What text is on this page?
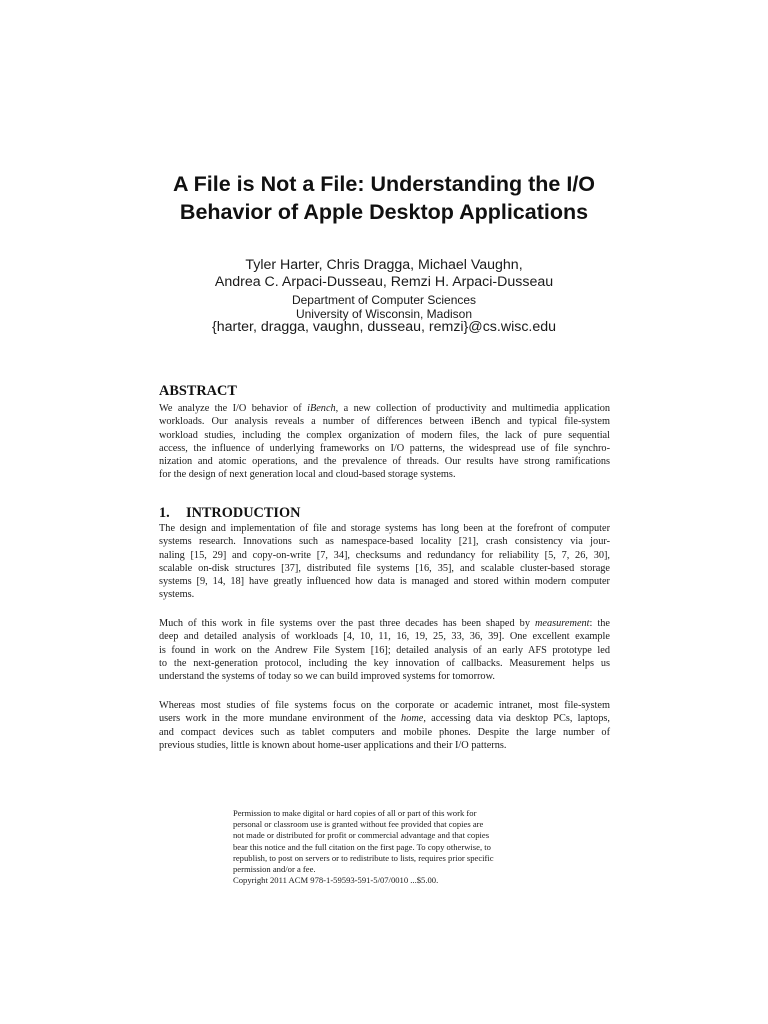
A File is Not a File: Understanding the I/O
Behavior of Apple Desktop Applications
Tyler Harter, Chris Dragga, Michael Vaughn,
Andrea C. Arpaci-Dusseau, Remzi H. Arpaci-Dusseau
Department of Computer Sciences
University of Wisconsin, Madison
{harter, dragga, vaughn, dusseau, remzi}@cs.wisc.edu
ABSTRACT
We analyze the I/O behavior of iBench, a new collection of productivity and multimedia application
workloads. Our analysis reveals a number of differences between iBench and typical file-system
workload studies, including the complex organization of modern files, the lack of pure sequential
access, the influence of underlying frameworks on I/O patterns, the widespread use of file synchro-
nization and atomic operations, and the prevalence of threads. Our results have strong ramifications
for the design of next generation local and cloud-based storage systems.
1. INTRODUCTION
The design and implementation of file and storage systems has long been at the forefront of computer
systems research. Innovations such as namespace-based locality [21], crash consistency via jour-
naling [15, 29] and copy-on-write [7, 34], checksums and redundancy for reliability [5, 7, 26, 30],
scalable on-disk structures [37], distributed file systems [16, 35], and scalable cluster-based storage
systems [9, 14, 18] have greatly influenced how data is managed and stored within modern computer
systems.
Much of this work in file systems over the past three decades has been shaped by measurement: the
deep and detailed analysis of workloads [4, 10, 11, 16, 19, 25, 33, 36, 39]. One excellent example
is found in work on the Andrew File System [16]; detailed analysis of an early AFS prototype led
to the next-generation protocol, including the key innovation of callbacks. Measurement helps us
understand the systems of today so we can build improved systems for tomorrow.
Whereas most studies of file systems focus on the corporate or academic intranet, most file-system
users work in the more mundane environment of the home, accessing data via desktop PCs, laptops,
and compact devices such as tablet computers and mobile phones. Despite the large number of
previous studies, little is known about home-user applications and their I/O patterns.
Permission to make digital or hard copies of all or part of this work for
personal or classroom use is granted without fee provided that copies are
not made or distributed for profit or commercial advantage and that copies
bear this notice and the full citation on the first page. To copy otherwise, to
republish, to post on servers or to redistribute to lists, requires prior specific
permission and/or a fee.
Copyright 2011 ACM 978-1-59593-591-5/07/0010 ...$5.00.
